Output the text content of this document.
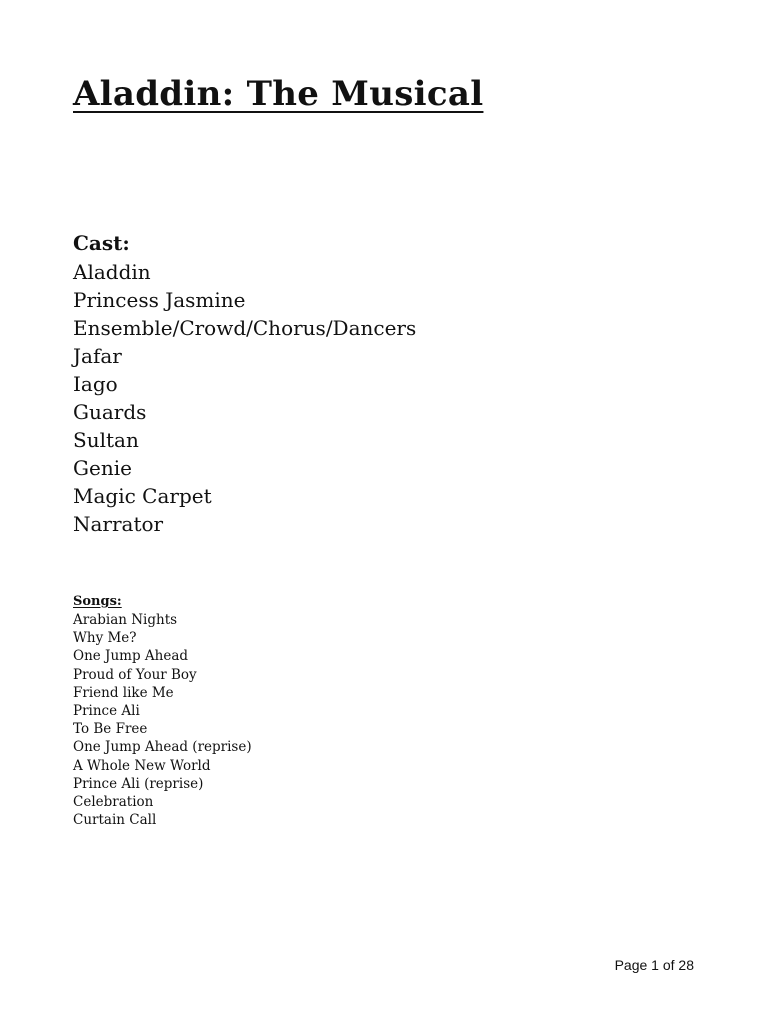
Aladdin: The Musical
Cast:
Aladdin
Princess Jasmine
Ensemble/Crowd/Chorus/Dancers
Jafar
Iago
Guards
Sultan
Genie
Magic Carpet
Narrator
Songs:
Arabian Nights
Why Me?
One Jump Ahead
Proud of Your Boy
Friend like Me
Prince Ali
To Be Free
One Jump Ahead (reprise)
A Whole New World
Prince Ali (reprise)
Celebration
Curtain Call
Page 1 of 28
